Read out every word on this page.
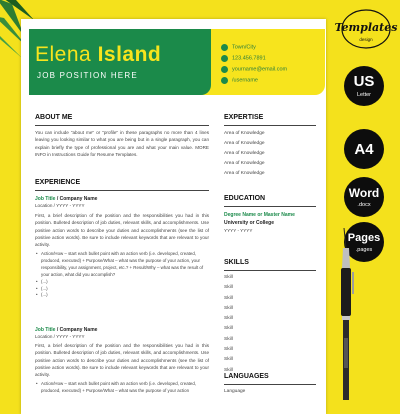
Elena Island
JOB POSITION HERE
Town/City
123.456.7891
yourname@email.com
/username
ABOUT ME
You can include "about me" or "profile" in these paragraphs no more than 4 lines leaving you looking similar to what you are being but in a single paragraph, you can explain briefly the type of professional you are and what your main value. MORE INFO in Instructions Guide for Resume Templates.
EXPERIENCE
Job Title / Company Name
Location / YYYY - YYYY
First, a brief description of the position and the responsibilities you had in this position. Bulleted description of job duties, relevant skills, and accomplishments. Use positive action words to describe your duties and accomplishments (see the list of positive action words). Be sure to include relevant keywords that are relevant to your activity.
• Action/How – start each bullet point with an action verb (i.e. developed, created, produced, executed) + Purpose/What – what was the purpose of your action, your responsibility, your assignment, project, etc.? + Result/Why – what was the result of your action, what did you accomplish?
• (...)
• (...)
• (...)
Job Title / Company Name
Location / YYYY - YYYY
First, a brief description of the position and the responsibilities you had in this position. Bulleted description of job duties, relevant skills, and accomplishments. Use positive action words to describe your duties and accomplishments (see the list of positive action words). Be sure to include relevant keywords that are relevant to your activity.
• Action/How – start each bullet point with an action verb (i.e. developed, created, produced, executed) + Purpose/What – what was the purpose of your action
EXPERTISE
Area of Knowledge
Area of Knowledge
Area of Knowledge
Area of Knowledge
Area of Knowledge
EDUCATION
Degree Name or Master Name
University or College
YYYY - YYYY
SKILLS
Skill
Skill
Skill
Skill
Skill
Skill
Skill
Skill
Skill
Skill
LANGUAGES
Language
Templates
design
US
Letter
A4
Word
.docx
Pages
.pages
